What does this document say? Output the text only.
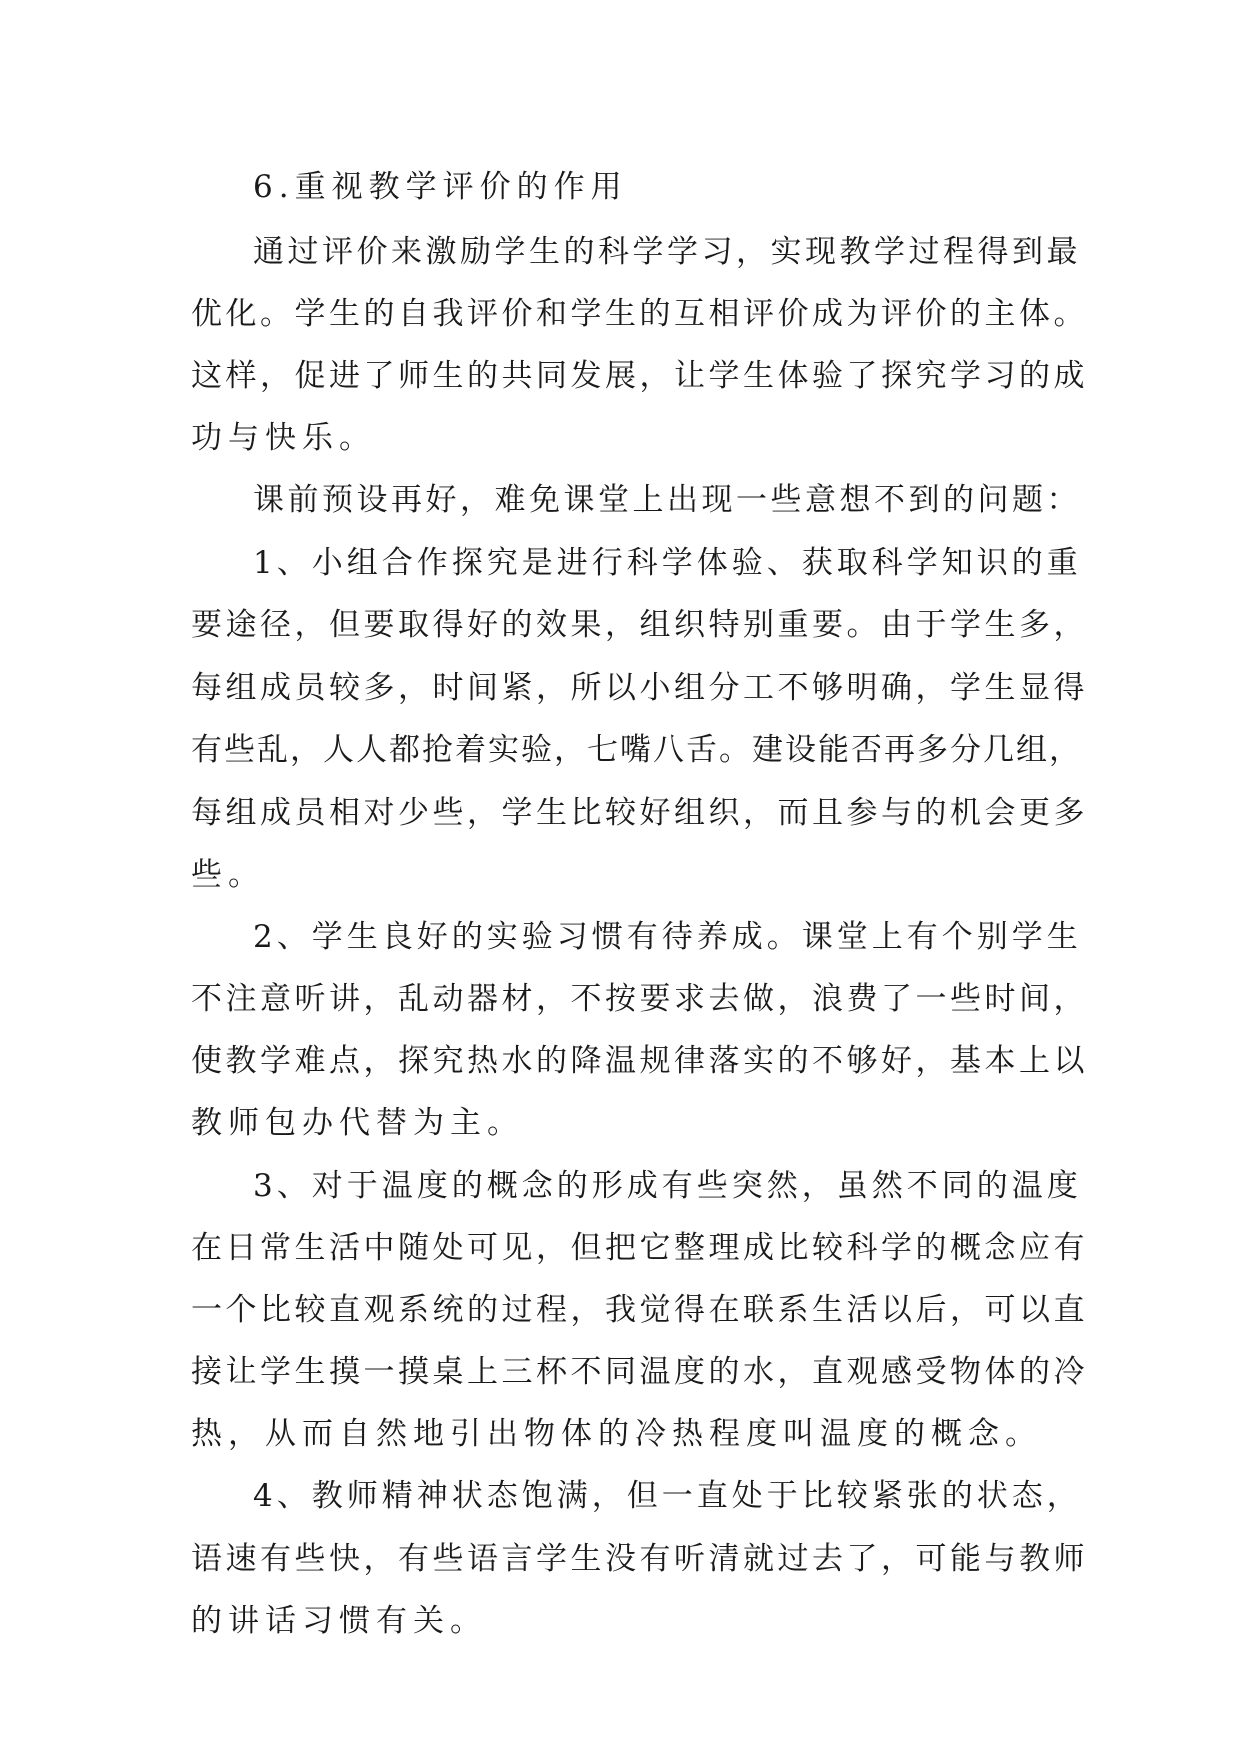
6.重视教学评价的作用

通过评价来激励学生的科学学习，实现教学过程得到最

优化。学生的自我评价和学生的互相评价成为评价的主体。

这样，促进了师生的共同发展，让学生体验了探究学习的成

功与快乐。

课前预设再好，难免课堂上出现一些意想不到的问题：

1、小组合作探究是进行科学体验、获取科学知识的重

要途径，但要取得好的效果，组织特别重要。由于学生多，

每组成员较多，时间紧，所以小组分工不够明确，学生显得

有些乱，人人都抢着实验，七嘴八舌。建设能否再多分几组，

每组成员相对少些，学生比较好组织，而且参与的机会更多

些。

2、学生良好的实验习惯有待养成。课堂上有个别学生

不注意听讲，乱动器材，不按要求去做，浪费了一些时间，

使教学难点，探究热水的降温规律落实的不够好，基本上以

教师包办代替为主。

3、对于温度的概念的形成有些突然，虽然不同的温度

在日常生活中随处可见，但把它整理成比较科学的概念应有

一个比较直观系统的过程，我觉得在联系生活以后，可以直

接让学生摸一摸桌上三杯不同温度的水，直观感受物体的冷

热，从而自然地引出物体的冷热程度叫温度的概念。

4、教师精神状态饱满，但一直处于比较紧张的状态，

语速有些快，有些语言学生没有听清就过去了，可能与教师

的讲话习惯有关。
